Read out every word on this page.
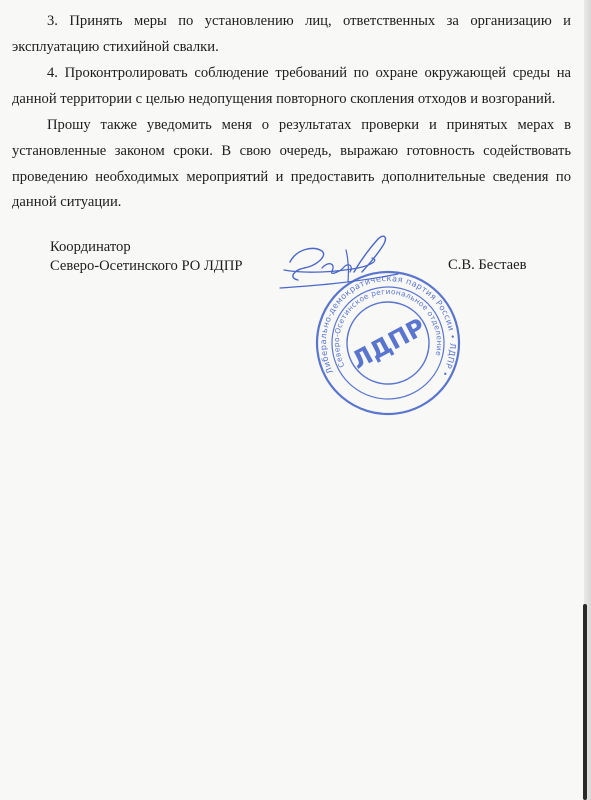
3. Принять меры по установлению лиц, ответственных за организацию и эксплуатацию стихийной свалки.

4. Проконтролировать соблюдение требований по охране окружающей среды на данной территории с целью недопущения повторного скопления отходов и возгораний.

Прошу также уведомить меня о результатах проверки и принятых мерах в установленные законом сроки. В свою очередь, выражаю готовность содействовать проведению необходимых мероприятий и предоставить дополнительные сведения по данной ситуации.

Координатор
Северо-Осетинского РО ЛДПР	С.В. Бестаев
Либерально-демократическая партия России • ЛДПР •
Северо-Осетинское региональное отделение
ЛДПР
